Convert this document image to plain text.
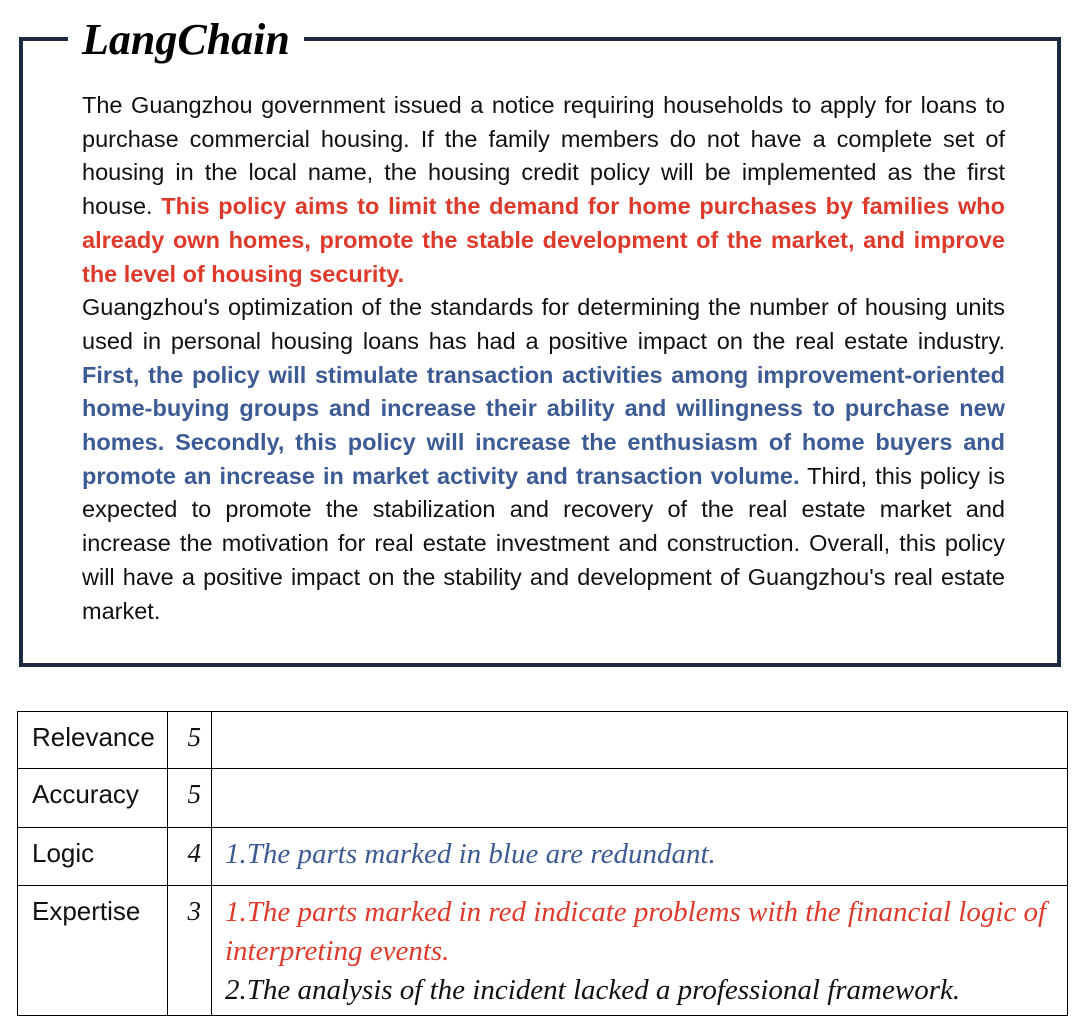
LangChain

The Guangzhou government issued a notice requiring households to apply for loans to purchase commercial housing. If the family members do not have a complete set of housing in the local name, the housing credit policy will be implemented as the first house. This policy aims to limit the demand for home purchases by families who already own homes, promote the stable development of the market, and improve the level of housing security.

Guangzhou's optimization of the standards for determining the number of housing units used in personal housing loans has had a positive impact on the real estate industry. First, the policy will stimulate transaction activities among improvement-oriented home-buying groups and increase their ability and willingness to purchase new homes. Secondly, this policy will increase the enthusiasm of home buyers and promote an increase in market activity and transaction volume. Third, this policy is expected to promote the stabilization and recovery of the real estate market and increase the motivation for real estate investment and construction. Overall, this policy will have a positive impact on the stability and development of Guangzhou's real estate market.

Relevance	5	
Accuracy	5	
Logic	4	1.The parts marked in blue are redundant.

Expertise	3	1.The parts marked in red indicate problems with the financial logic of interpreting events.
2.The analysis of the incident lacked a professional framework.
